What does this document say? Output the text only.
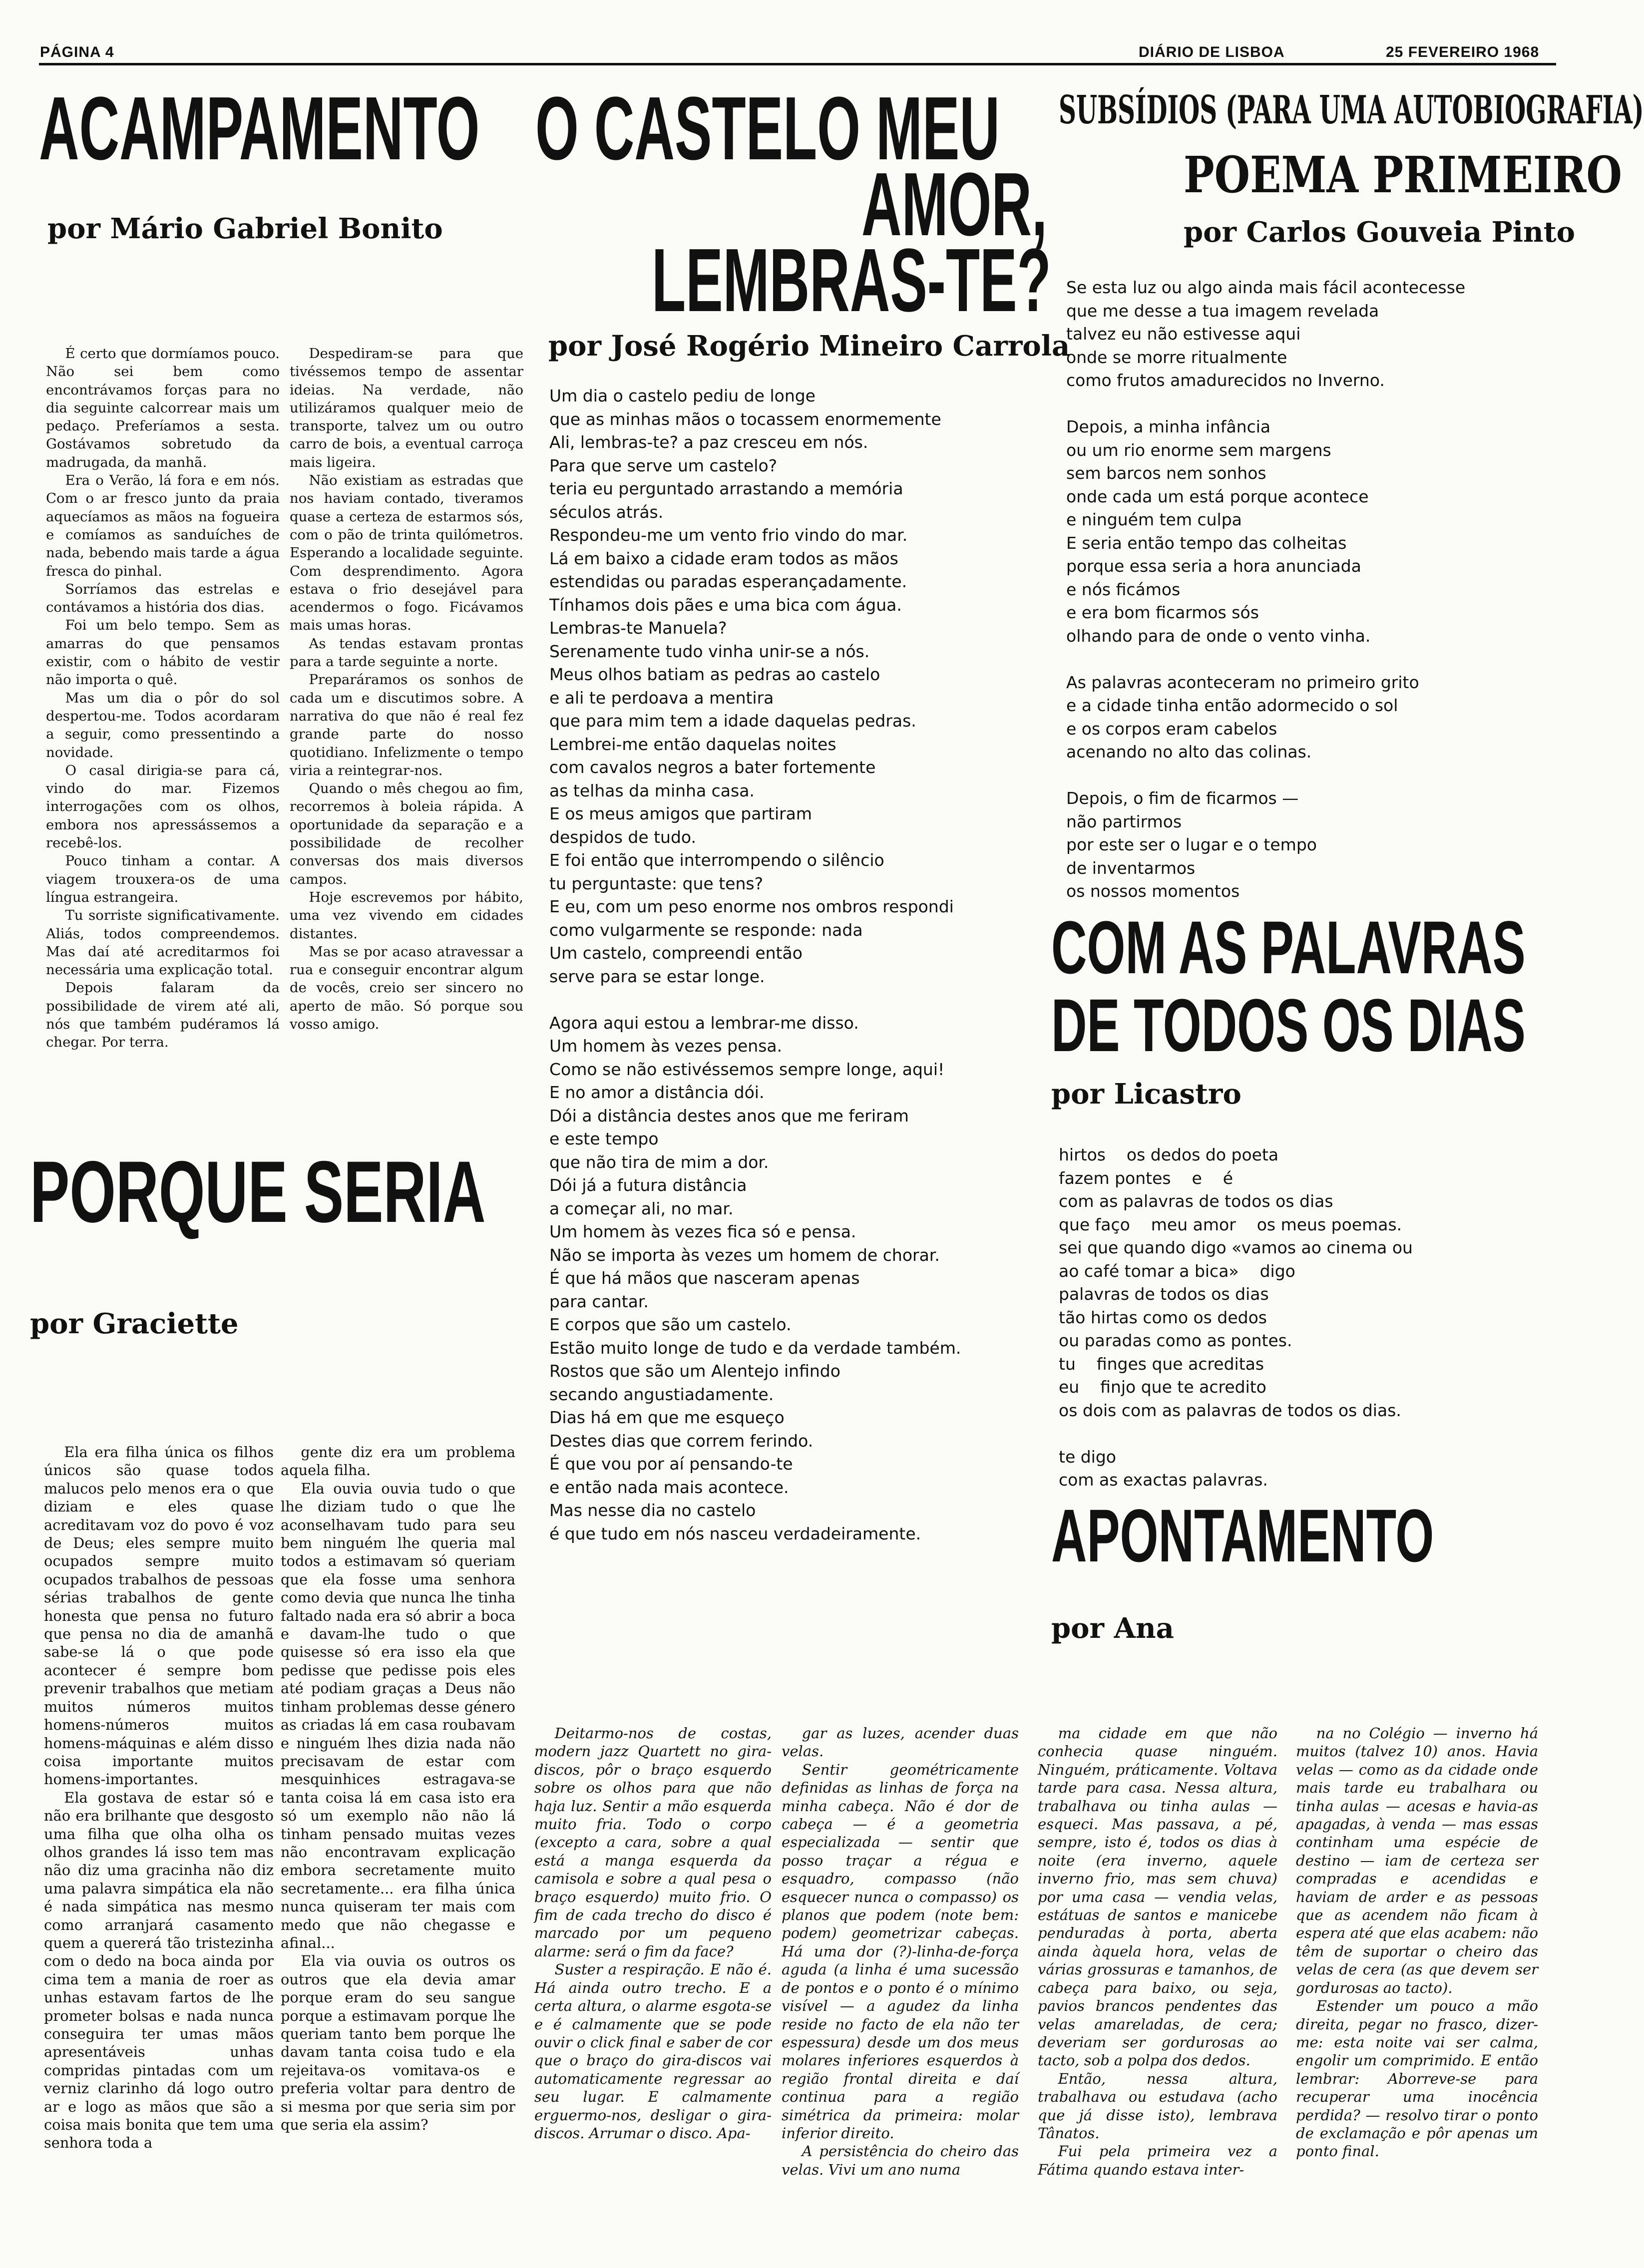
PÁGINA 4	DIÁRIO DE LISBOA	25 FEVEREIRO 1968
ACAMPAMENTO
por Mário Gabriel Bonito

É certo que dormíamos pouco. Não sei bem como encontrávamos forças para no dia seguinte calcorrear mais um pedaço. Preferíamos a sesta. Gostávamos sobretudo da madrugada, da manhã.

Era o Verão, lá fora e em nós. Com o ar fresco junto da praia aquecíamos as mãos na fogueira e comíamos as sanduíches de nada, bebendo mais tarde a água fresca do pinhal.

Sorríamos das estrelas e contávamos a história dos dias.

Foi um belo tempo. Sem as amarras do que pensamos existir, com o hábito de vestir não importa o quê.

Mas um dia o pôr do sol despertou-me. Todos acordaram a seguir, como pressentindo a novidade.

O casal dirigia-se para cá, vindo do mar. Fizemos interrogações com os olhos, embora nos apressássemos a recebê-los.

Pouco tinham a contar. A viagem trouxera-os de uma língua estrangeira.

Tu sorriste significativamente. Aliás, todos compreendemos. Mas daí até acreditarmos foi necessária uma explicação total.

Depois falaram da possibilidade de virem até ali, nós que também pudéramos lá chegar. Por terra.

Despediram-se para que tivéssemos tempo de assentar ideias. Na verdade, não utilizáramos qualquer meio de transporte, talvez um ou outro carro de bois, a eventual carroça mais ligeira.

Não existiam as estradas que nos haviam contado, tiveramos quase a certeza de estarmos sós, com o pão de trinta quilómetros. Esperando a localidade seguinte. Com desprendimento. Agora estava o frio desejável para acendermos o fogo. Ficávamos mais umas horas.

As tendas estavam prontas para a tarde seguinte a norte.

Preparáramos os sonhos de cada um e discutimos sobre. A narrativa do que não é real fez grande parte do nosso quotidiano. Infelizmente o tempo viria a reintegrar-nos.

Quando o mês chegou ao fim, recorremos à boleia rápida. A oportunidade da separação e a possibilidade de recolher conversas dos mais diversos campos.

Hoje escrevemos por hábito, uma vez vivendo em cidades distantes.

Mas se por acaso atravessar a rua e conseguir encontrar algum de vocês, creio ser sincero no aperto de mão. Só porque sou vosso amigo.

O CASTELO MEU
AMOR,
LEMBRAS-TE?
por José Rogério Mineiro Carrola
Um dia o castelo pediu de longe
que as minhas mãos o tocassem enormemente
Ali, lembras-te? a paz cresceu em nós.
Para que serve um castelo?
teria eu perguntado arrastando a memória
séculos atrás.
Respondeu-me um vento frio vindo do mar.
Lá em baixo a cidade eram todos as mãos
estendidas ou paradas esperançadamente.
Tínhamos dois pães e uma bica com água.
Lembras-te Manuela?
Serenamente tudo vinha unir-se a nós.
Meus olhos batiam as pedras ao castelo
e ali te perdoava a mentira
que para mim tem a idade daquelas pedras.
Lembrei-me então daquelas noites
com cavalos negros a bater fortemente
as telhas da minha casa.
E os meus amigos que partiram
despidos de tudo.
E foi então que interrompendo o silêncio
tu perguntaste: que tens?
E eu, com um peso enorme nos ombros respondi
como vulgarmente se responde: nada
Um castelo, compreendi então
serve para se estar longe.

Agora aqui estou a lembrar-me disso.
Um homem às vezes pensa.
Como se não estivéssemos sempre longe, aqui!
E no amor a distância dói.
Dói a distância destes anos que me feriram
e este tempo
que não tira de mim a dor.
Dói já a futura distância
a começar ali, no mar.
Um homem às vezes fica só e pensa.
Não se importa às vezes um homem de chorar.
É que há mãos que nasceram apenas
para cantar.
E corpos que são um castelo.
Estão muito longe de tudo e da verdade também.
Rostos que são um Alentejo infindo
secando angustiadamente.
Dias há em que me esqueço
Destes dias que correm ferindo.
É que vou por aí pensando-te
e então nada mais acontece.
Mas nesse dia no castelo
é que tudo em nós nasceu verdadeiramente.
SUBSÍDIOS (PARA UMA AUTOBIOGRAFIA)
POEMA PRIMEIRO
por Carlos Gouveia Pinto
Se esta luz ou algo ainda mais fácil acontecesse
que me desse a tua imagem revelada
talvez eu não estivesse aqui
onde se morre ritualmente
como frutos amadurecidos no Inverno.

Depois, a minha infância
ou um rio enorme sem margens
sem barcos nem sonhos
onde cada um está porque acontece
e ninguém tem culpa
E seria então tempo das colheitas
porque essa seria a hora anunciada
e nós ficámos
e era bom ficarmos sós
olhando para de onde o vento vinha.

As palavras aconteceram no primeiro grito
e a cidade tinha então adormecido o sol
e os corpos eram cabelos
acenando no alto das colinas.

Depois, o fim de ficarmos —
não partirmos
por este ser o lugar e o tempo
de inventarmos
os nossos momentos
COM AS PALAVRAS
DE TODOS OS DIAS
por Licastro
hirtos    os dedos do poeta
fazem pontes    e    é
com as palavras de todos os dias
que faço    meu amor    os meus poemas.
sei que quando digo «vamos ao cinema ou
ao café tomar a bica»    digo
palavras de todos os dias
tão hirtas como os dedos
ou paradas como as pontes.
tu    finges que acreditas
eu    finjo que te acredito
os dois com as palavras de todos os dias.

te digo
com as exactas palavras.
APONTAMENTO
por Ana
PORQUE SERIA
por Graciette

Ela era filha única os filhos únicos são quase todos malucos pelo menos era o que diziam e eles quase acreditavam voz do povo é voz de Deus; eles sempre muito ocupados sempre muito ocupados trabalhos de pessoas sérias trabalhos de gente honesta que pensa no futuro que pensa no dia de amanhã sabe-se lá o que pode acontecer é sempre bom prevenir trabalhos que metiam muitos números muitos homens-números muitos homens-máquinas e além disso coisa importante muitos homens-importantes.

Ela gostava de estar só e não era brilhante que desgosto uma filha que olha olha os olhos grandes lá isso tem mas não diz uma gracinha não diz uma palavra simpática ela não é nada simpática nas mesmo como arranjará casamento quem a quererá tão tristezinha com o dedo na boca ainda por cima tem a mania de roer as unhas estavam fartos de lhe prometer bolsas e nada nunca conseguira ter umas mãos apresentáveis unhas compridas pintadas com um verniz clarinho dá logo outro ar e logo as mãos que são a coisa mais bonita que tem uma senhora toda a

gente diz era um problema aquela filha.

Ela ouvia ouvia tudo o que lhe diziam tudo o que lhe aconselhavam tudo para seu bem ninguém lhe queria mal todos a estimavam só queriam que ela fosse uma senhora como devia que nunca lhe tinha faltado nada era só abrir a boca e davam-lhe tudo o que quisesse só era isso ela que pedisse que pedisse pois eles até podiam graças a Deus não tinham problemas desse género as criadas lá em casa roubavam e ninguém lhes dizia nada não precisavam de estar com mesquinhices estragava-se tanta coisa lá em casa isto era só um exemplo não não lá tinham pensado muitas vezes não encontravam explicação embora secretamente muito secretamente... era filha única nunca quiseram ter mais com medo que não chegasse e afinal...

Ela via ouvia os outros os outros que ela devia amar porque eram do seu sangue porque a estimavam porque lhe queriam tanto bem porque lhe davam tanta coisa tudo e ela rejeitava-os vomitava-os e preferia voltar para dentro de si mesma por que seria sim por que seria ela assim?

Deitarmo-nos de costas, modern jazz Quartett no gira-discos, pôr o braço esquerdo sobre os olhos para que não haja luz. Sentir a mão esquerda muito fria. Todo o corpo (excepto a cara, sobre a qual está a manga esquerda da camisola e sobre a qual pesa o braço esquerdo) muito frio. O fim de cada trecho do disco é marcado por um pequeno alarme: será o fim da face?

Suster a respiração. E não é. Há ainda outro trecho. E a certa altura, o alarme esgota-se e é calmamente que se pode ouvir o click final e saber de cor que o braço do gira-discos vai automaticamente regressar ao seu lugar. E calmamente erguermo-nos, desligar o gira-discos. Arrumar o disco. Apa-

gar as luzes, acender duas velas.

Sentir geométricamente definidas as linhas de força na minha cabeça. Não é dor de cabeça — é a geometria especializada — sentir que posso traçar a régua e esquadro, compasso (não esquecer nunca o compasso) os planos que podem (note bem: podem) geometrizar cabeças. Há uma dor (?)-linha-de-força aguda (a linha é uma sucessão de pontos e o ponto é o mínimo visível — a agudez da linha reside no facto de ela não ter espessura) desde um dos meus molares inferiores esquerdos à região frontal direita e daí continua para a região simétrica da primeira: molar inferior direito.

A persistência do cheiro das velas. Vivi um ano numa

ma cidade em que não conhecia quase ninguém. Ninguém, práticamente. Voltava tarde para casa. Nessa altura, trabalhava ou tinha aulas — esqueci. Mas passava, a pé, sempre, isto é, todos os dias à noite (era inverno, aquele inverno frio, mas sem chuva) por uma casa — vendia velas, estátuas de santos e manicebe penduradas à porta, aberta ainda àquela hora, velas de várias grossuras e tamanhos, de cabeça para baixo, ou seja, pavios brancos pendentes das velas amareladas, de cera; deveriam ser gordurosas ao tacto, sob a polpa dos dedos.

Então, nessa altura, trabalhava ou estudava (acho que já disse isto), lembrava Tânatos.

Fui pela primeira vez a Fátima quando estava inter-

na no Colégio — inverno há muitos (talvez 10) anos. Havia velas — como as da cidade onde mais tarde eu trabalhara ou tinha aulas — acesas e havia-as apagadas, à venda — mas essas continham uma espécie de destino — iam de certeza ser compradas e acendidas e haviam de arder e as pessoas que as acendem não ficam à espera até que elas acabem: não têm de suportar o cheiro das velas de cera (as que devem ser gordurosas ao tacto).

Estender um pouco a mão direita, pegar no frasco, dizer-me: esta noite vai ser calma, engolir um comprimido. E então lembrar: Aborreve-se para recuperar uma inocência perdida? — resolvo tirar o ponto de exclamação e pôr apenas um ponto final.
